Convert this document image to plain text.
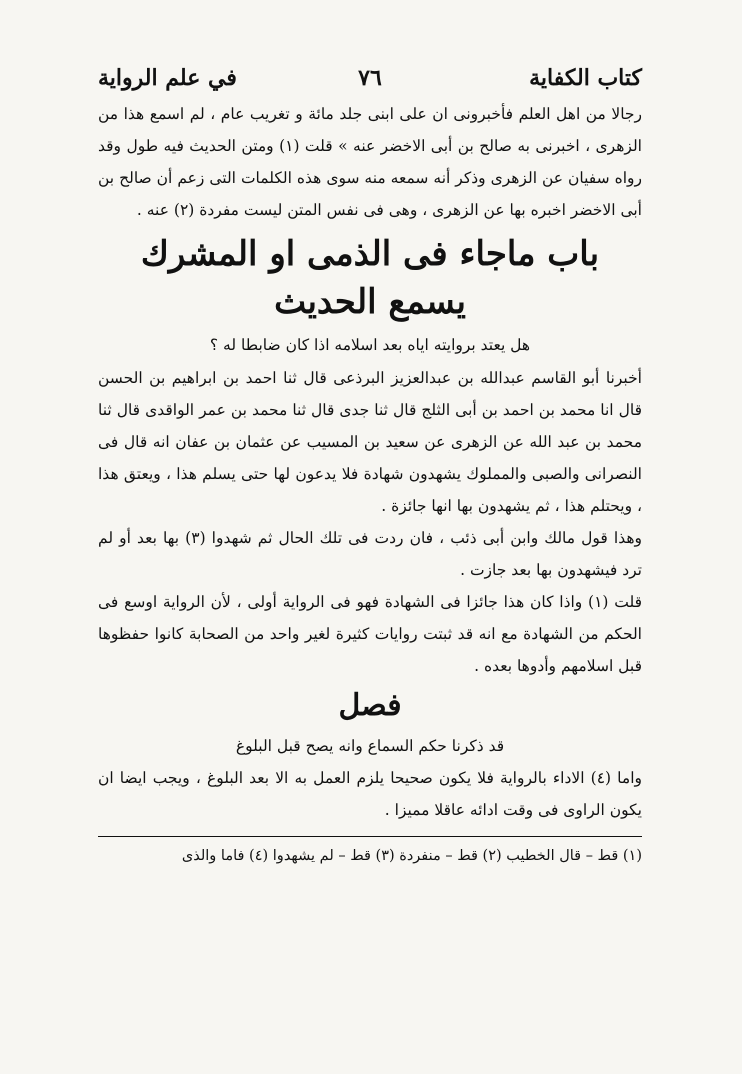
كتاب الكفاية
٧٦
في علم الرواية

رجالا من اهل العلم فأخبرونى ان على ابنى جلد مائة و تغريب عام ، لم اسمع هذا من الزهرى ، اخبرنى به صالح بن أبى الاخضر عنه » قلت (١) ومتن الحديث فيه طول وقد رواه سفيان عن الزهرى وذكر أنه سمعه منه سوى هذه الكلمات التى زعم أن صالح بن أبى الاخضر اخبره بها عن الزهرى ، وهى فى نفس المتن ليست مفردة (٢) عنه .

باب ماجاء فى الذمى او المشرك
يسمع الحديث
هل يعتد بروايته اياه بعد اسلامه اذا كان ضابطا له ؟

أخبرنا أبو القاسم عبدالله بن عبدالعزيز البرذعى قال ثنا احمد بن ابراهيم بن الحسن قال انا محمد بن احمد بن أبى الثلج قال ثنا جدى قال ثنا محمد بن عمر الواقدى قال ثنا محمد بن عبد الله عن الزهرى عن سعيد بن المسيب عن عثمان بن عفان انه قال فى النصرانى والصبى والمملوك يشهدون شهادة فلا يدعون لها حتى يسلم هذا ، ويعتق هذا ، ويحتلم هذا ، ثم يشهدون بها انها جائزة .

وهذا قول مالك وابن أبى ذئب ، فان ردت فى تلك الحال ثم شهدوا (٣) بها بعد أو لم ترد فيشهدون بها بعد جازت .

قلت (١) واذا كان هذا جائزا فى الشهادة فهو فى الرواية أولى ، لأن الرواية اوسع فى الحكم من الشهادة مع انه قد ثبتت روايات كثيرة لغير واحد من الصحابة كانوا حفظوها قبل اسلامهم وأدوها بعده .

فصل
قد ذكرنا حكم السماع وانه يصح قبل البلوغ

واما (٤) الاداء بالرواية فلا يكون صحيحا يلزم العمل به الا بعد البلوغ ، ويجب ايضا ان يكون الراوى فى وقت ادائه عاقلا مميزا .

(١) قط – قال الخطيب (٢) قط – منفردة (٣) قط – لم يشهدوا (٤) فاما والذى
